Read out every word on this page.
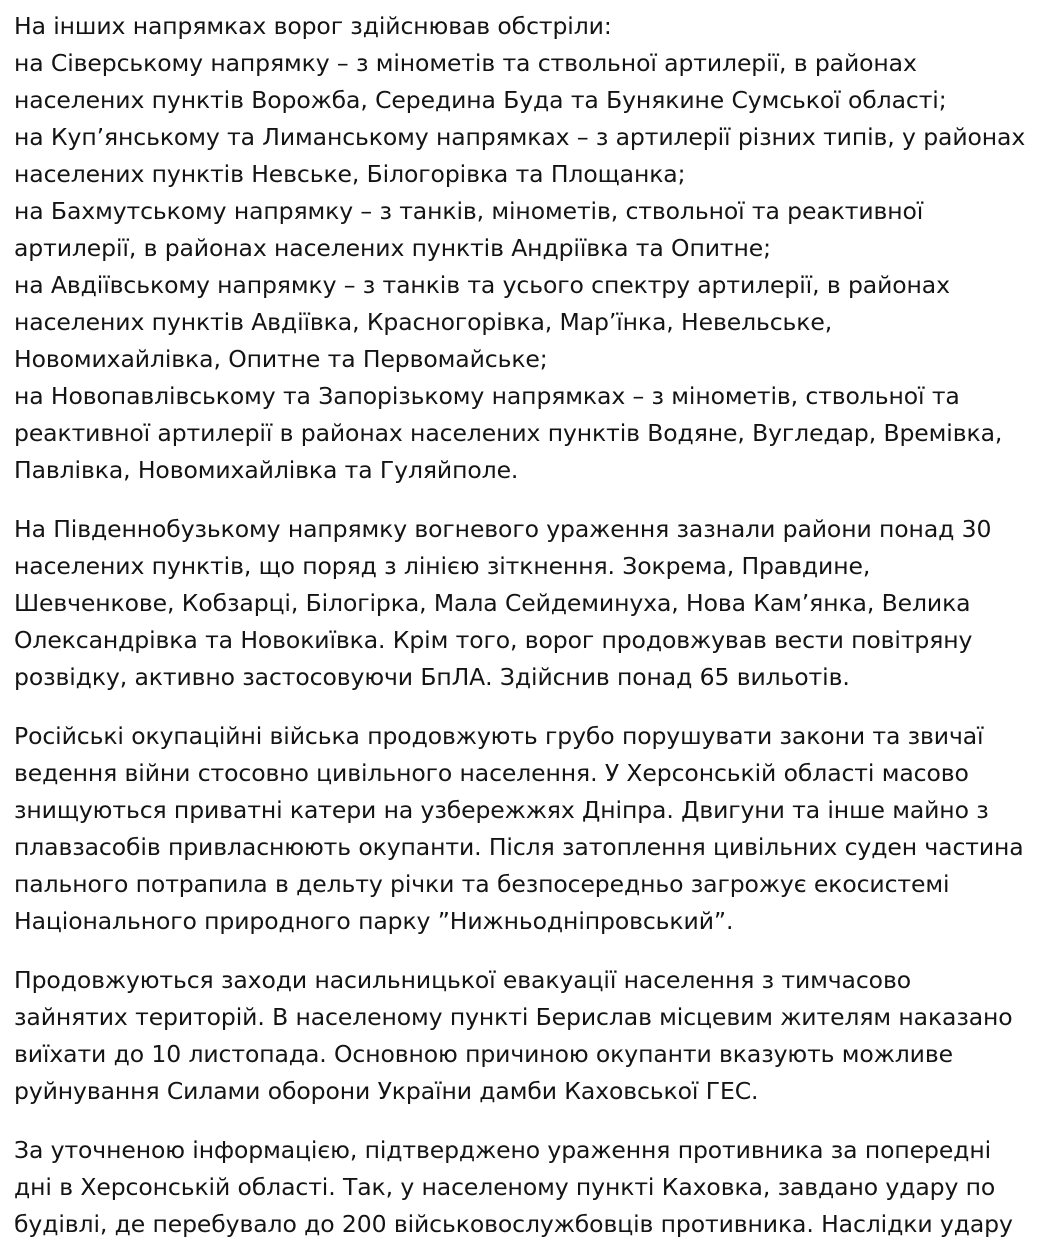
На інших напрямках ворог здійснював обстріли:
на Сіверському напрямку – з мінометів та ствольної артилерії, в районах населених пунктів Ворожба, Середина Буда та Бунякине Сумської області;
на Куп’янському та Лиманському напрямках – з артилерії різних типів, у районах населених пунктів Невське, Білогорівка та Площанка;
на Бахмутському напрямку – з танків, мінометів, ствольної та реактивної артилерії, в районах населених пунктів Андріївка та Опитне;
на Авдіївському напрямку – з танків та усього спектру артилерії, в районах населених пунктів Авдіївка, Красногорівка, Мар’їнка, Невельське, Новомихайлівка, Опитне та Первомайське;
на Новопавлівському та Запорізькому напрямках – з мінометів, ствольної та реактивної артилерії в районах населених пунктів Водяне, Вугледар, Времівка, Павлівка, Новомихайлівка та Гуляйполе.

На Південнобузькому напрямку вогневого ураження зазнали райони понад 30 населених пунктів, що поряд з лінією зіткнення. Зокрема, Правдине, Шевченкове, Кобзарці, Білогірка, Мала Сейдеминуха, Нова Кам’янка, Велика Олександрівка та Новокиївка. Крім того, ворог продовжував вести повітряну розвідку, активно застосовуючи БпЛА. Здійснив понад 65 вильотів.

Російські окупаційні війська продовжують грубо порушувати закони та звичаї ведення війни стосовно цивільного населення. У Херсонській області масово знищуються приватні катери на узбережжях Дніпра. Двигуни та інше майно з плавзасобів привласнюють окупанти. Після затоплення цивільних суден частина пального потрапила в дельту річки та безпосередньо загрожує екосистемі Національного природного парку ”Нижньодніпровський”.

Продовжуються заходи насильницької евакуації населення з тимчасово зайнятих територій. В населеному пункті Берислав місцевим жителям наказано виїхати до 10 листопада. Основною причиною окупанти вказують можливе руйнування Силами оборони України дамби Каховської ГЕС.

За уточненою інформацією, підтверджено ураження противника за попередні дні в Херсонській області. Так, у населеному пункті Каховка, завдано удару по будівлі, де перебувало до 200 військовослужбовців противника. Наслідки удару
